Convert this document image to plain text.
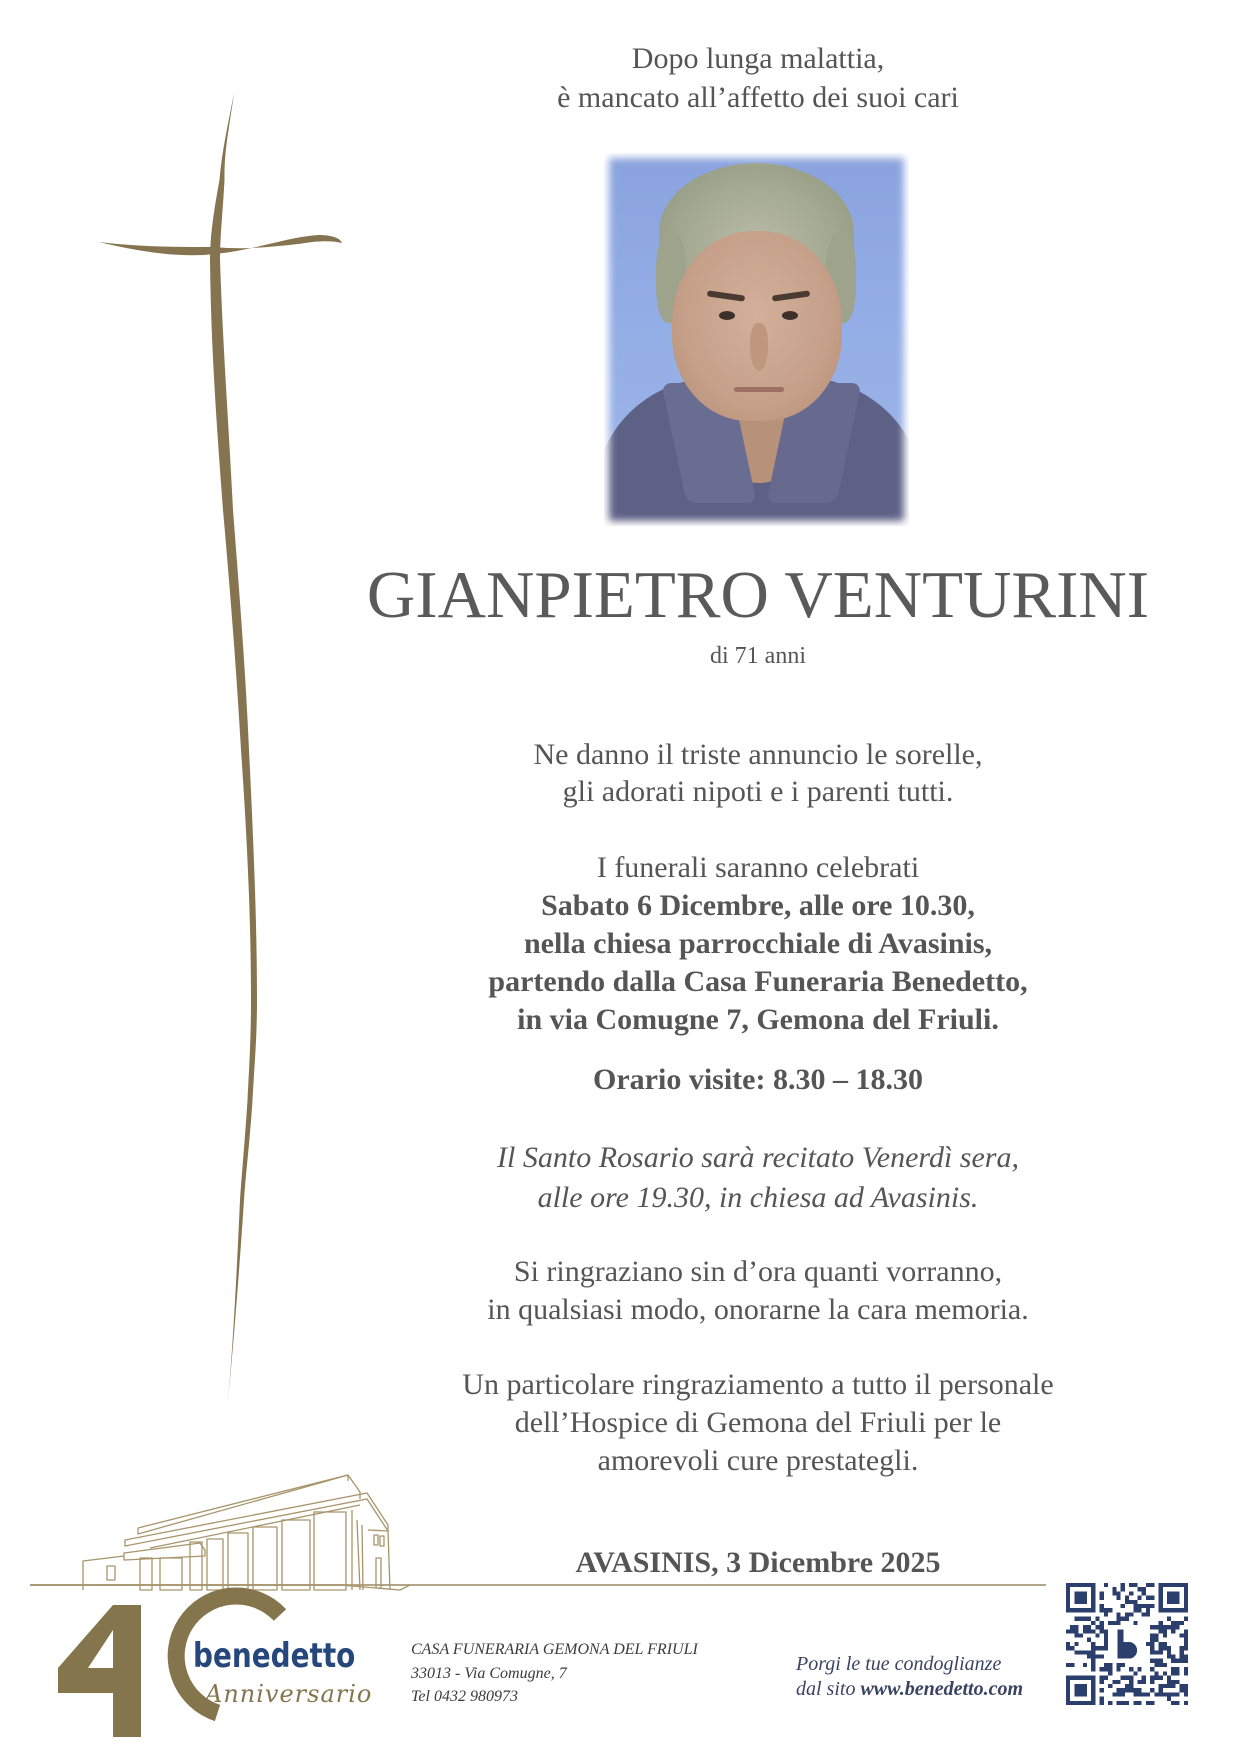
Dopo lunga malattia,
è mancato all’affetto dei suoi cari
GIANPIETRO VENTURINI
di 71 anni
Ne danno il triste annuncio le sorelle,
gli adorati nipoti e i parenti tutti.
I funerali saranno celebrati
Sabato 6 Dicembre, alle ore 10.30,
nella chiesa parrocchiale di Avasinis,
partendo dalla Casa Funeraria Benedetto,
in via Comugne 7, Gemona del Friuli.
Orario visite: 8.30 – 18.30
Il Santo Rosario sarà recitato Venerdì sera,
alle ore 19.30, in chiesa ad Avasinis.
Si ringraziano sin d’ora quanti vorranno,
in qualsiasi modo, onorarne la cara memoria.
Un particolare ringraziamento a tutto il personale
dell’Hospice di Gemona del Friuli per le
amorevoli cure prestategli.
AVASINIS, 3 Dicembre 2025
benedetto
Anniversario
CASA FUNERARIA GEMONA DEL FRIULI
33013 - Via Comugne, 7
Tel 0432 980973
Porgi le tue condoglianze
dal sito www.benedetto.com
